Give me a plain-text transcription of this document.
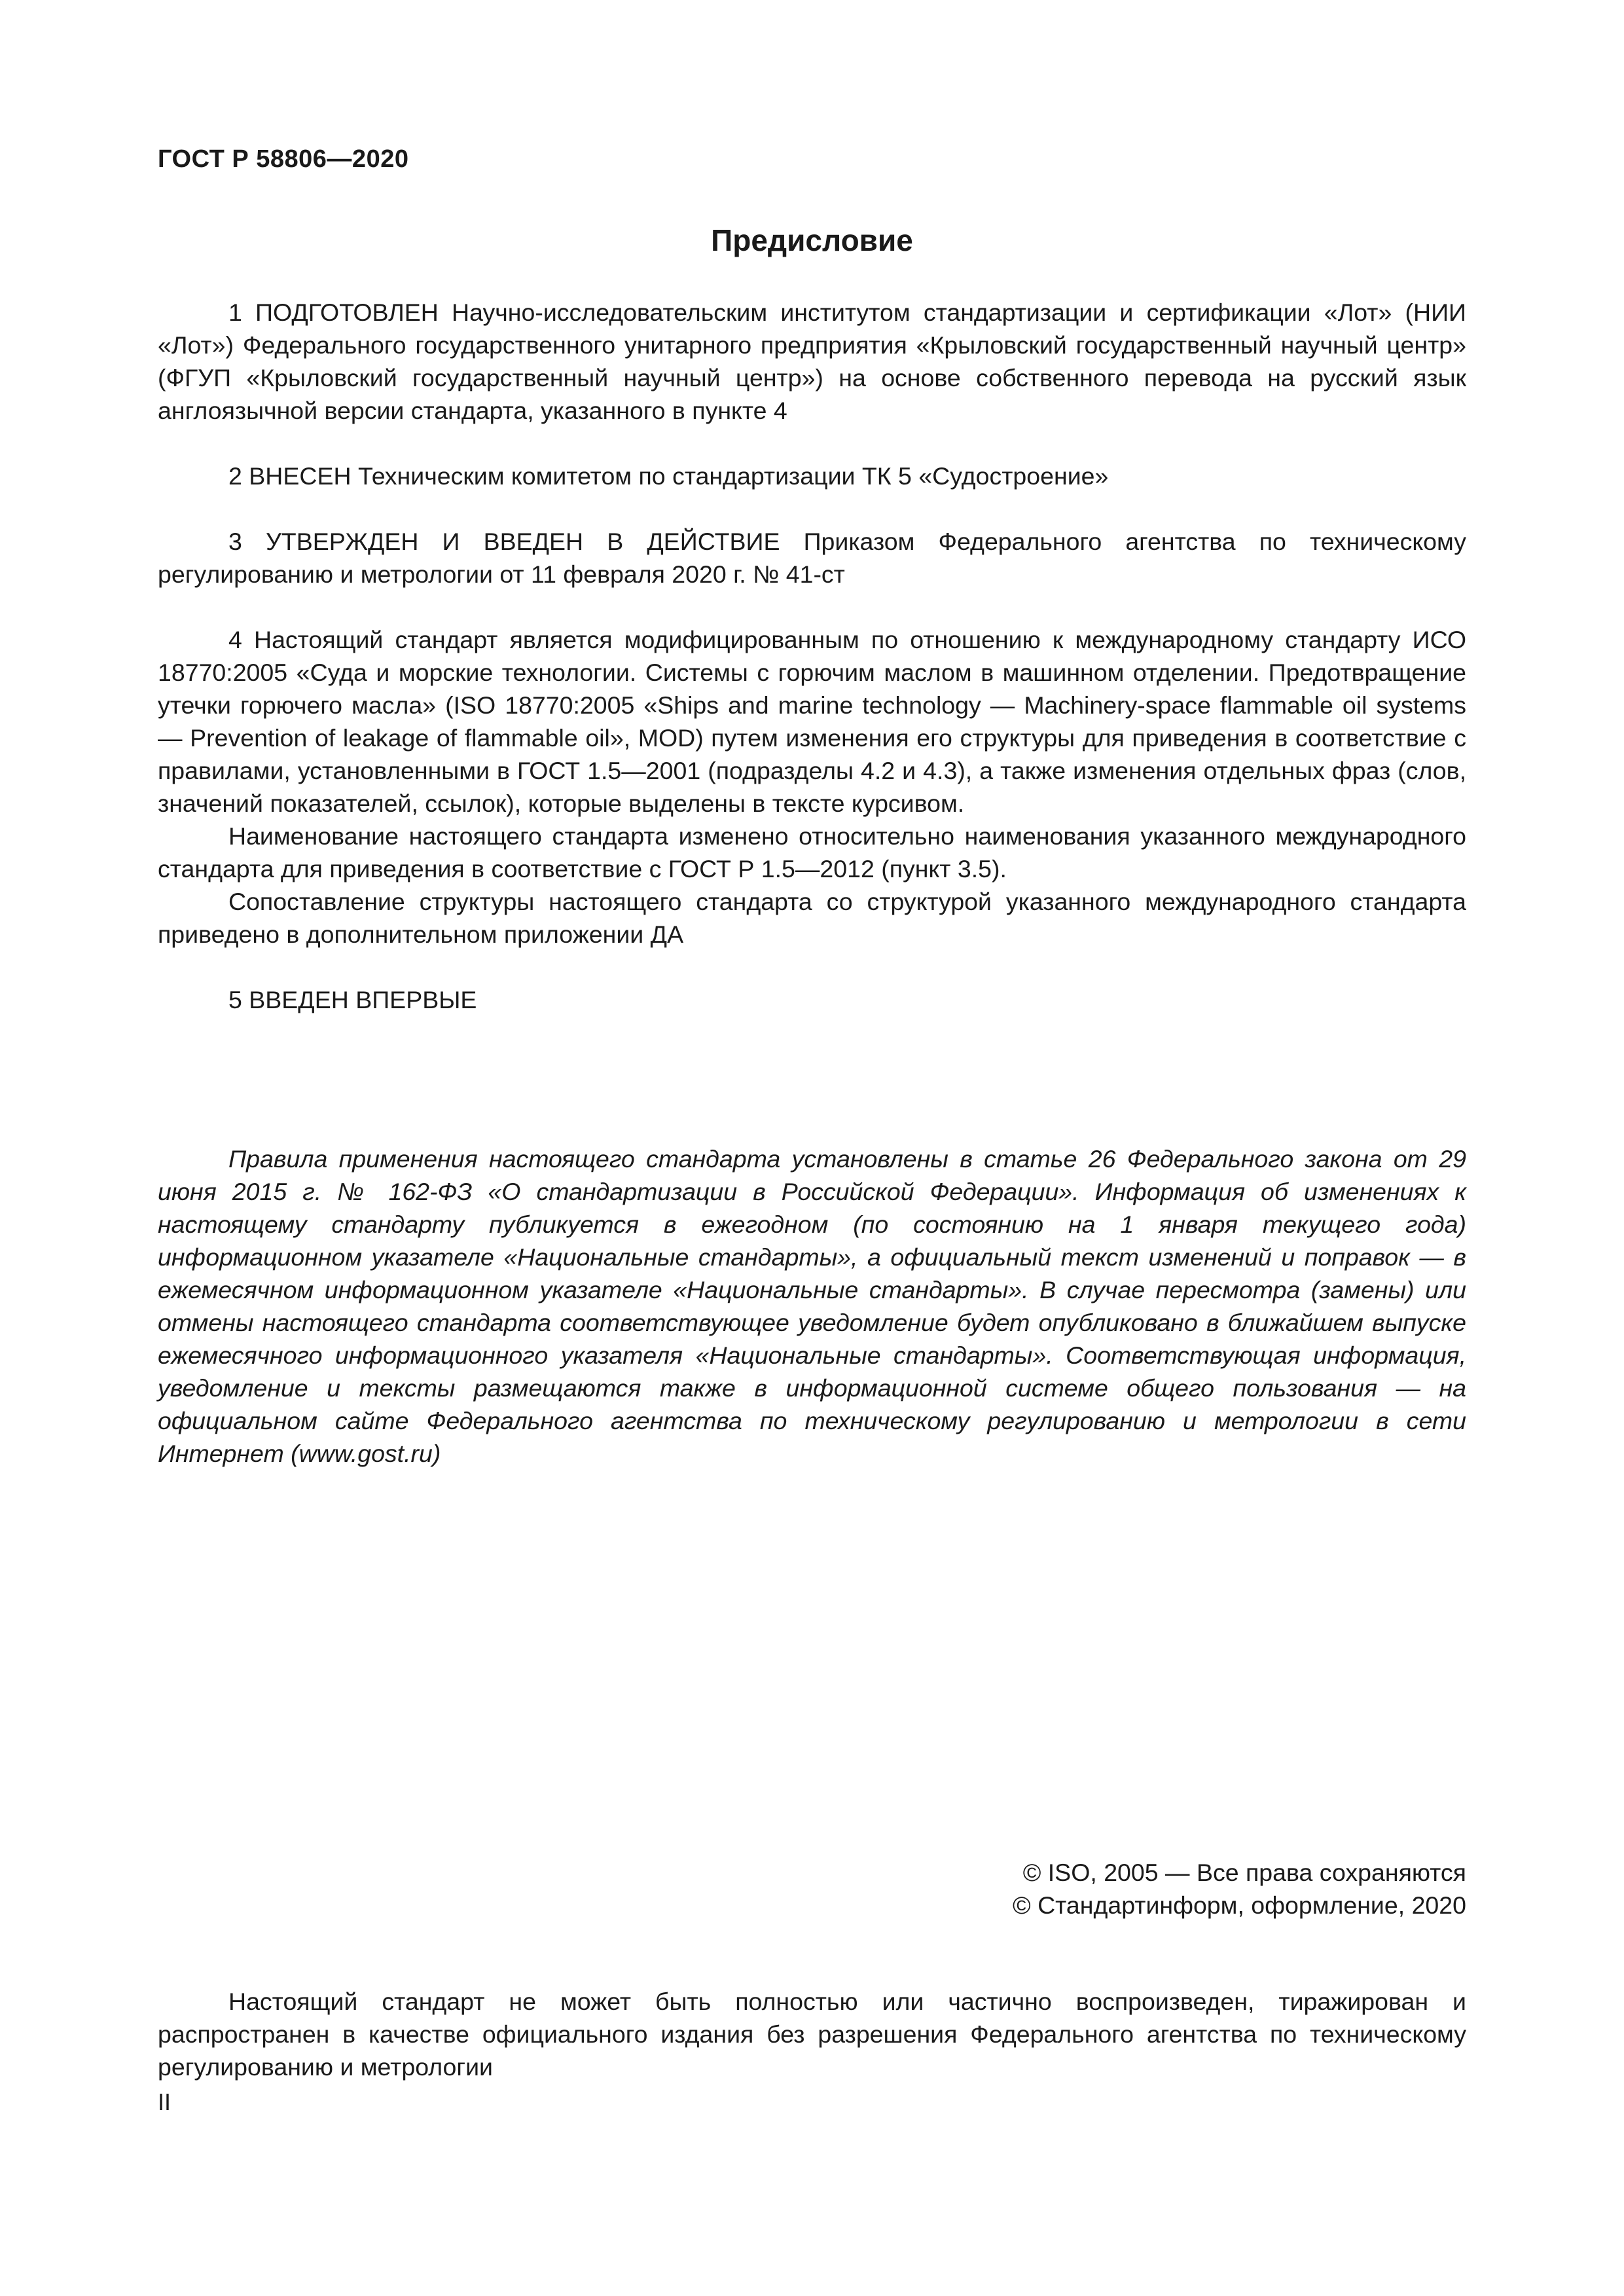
ГОСТ Р 58806—2020
Предисловие

1 ПОДГОТОВЛЕН Научно-исследовательским институтом стандартизации и сертификации «Лот» (НИИ «Лот») Федерального государственного унитарного предприятия «Крыловский государственный научный центр» (ФГУП «Крыловский государственный научный центр») на основе собственного перевода на русский язык англоязычной версии стандарта, указанного в пункте 4

2 ВНЕСЕН Техническим комитетом по стандартизации ТК 5 «Судостроение»

3 УТВЕРЖДЕН И ВВЕДЕН В ДЕЙСТВИЕ Приказом Федерального агентства по техническому регулированию и метрологии от 11 февраля 2020 г. № 41-ст

4 Настоящий стандарт является модифицированным по отношению к международному стандарту ИСО 18770:2005 «Суда и морские технологии. Системы с горючим маслом в машинном отделении. Предотвращение утечки горючего масла» (ISO 18770:2005 «Ships and marine technology — Machinery-space flammable oil systems — Prevention of leakage of flammable oil», MOD) путем изменения его структуры для приведения в соответствие с правилами, установленными в ГОСТ 1.5—2001 (подразделы 4.2 и 4.3), а также изменения отдельных фраз (слов, значений показателей, ссылок), которые выделены в тексте курсивом.

Наименование настоящего стандарта изменено относительно наименования указанного международного стандарта для приведения в соответствие с ГОСТ Р 1.5—2012 (пункт 3.5).

Сопоставление структуры настоящего стандарта со структурой указанного международного стандарта приведено в дополнительном приложении ДА

5 ВВЕДЕН ВПЕРВЫЕ

Правила применения настоящего стандарта установлены в статье 26 Федерального закона от 29 июня 2015 г. № 162-ФЗ «О стандартизации в Российской Федерации». Информация об изменениях к настоящему стандарту публикуется в ежегодном (по состоянию на 1 января текущего года) информационном указателе «Национальные стандарты», а официальный текст изменений и поправок — в ежемесячном информационном указателе «Национальные стандарты». В случае пересмотра (замены) или отмены настоящего стандарта соответствующее уведомление будет опубликовано в ближайшем выпуске ежемесячного информационного указателя «Национальные стандарты». Соответствующая информация, уведомление и тексты размещаются также в информационной системе общего пользования — на официальном сайте Федерального агентства по техническому регулированию и метрологии в сети Интернет (www.gost.ru)
© ISO, 2005 — Все права сохраняются
© Стандартинформ, оформление, 2020
Настоящий стандарт не может быть полностью или частично воспроизведен, тиражирован и распространен в качестве официального издания без разрешения Федерального агентства по техническому регулированию и метрологии
II
